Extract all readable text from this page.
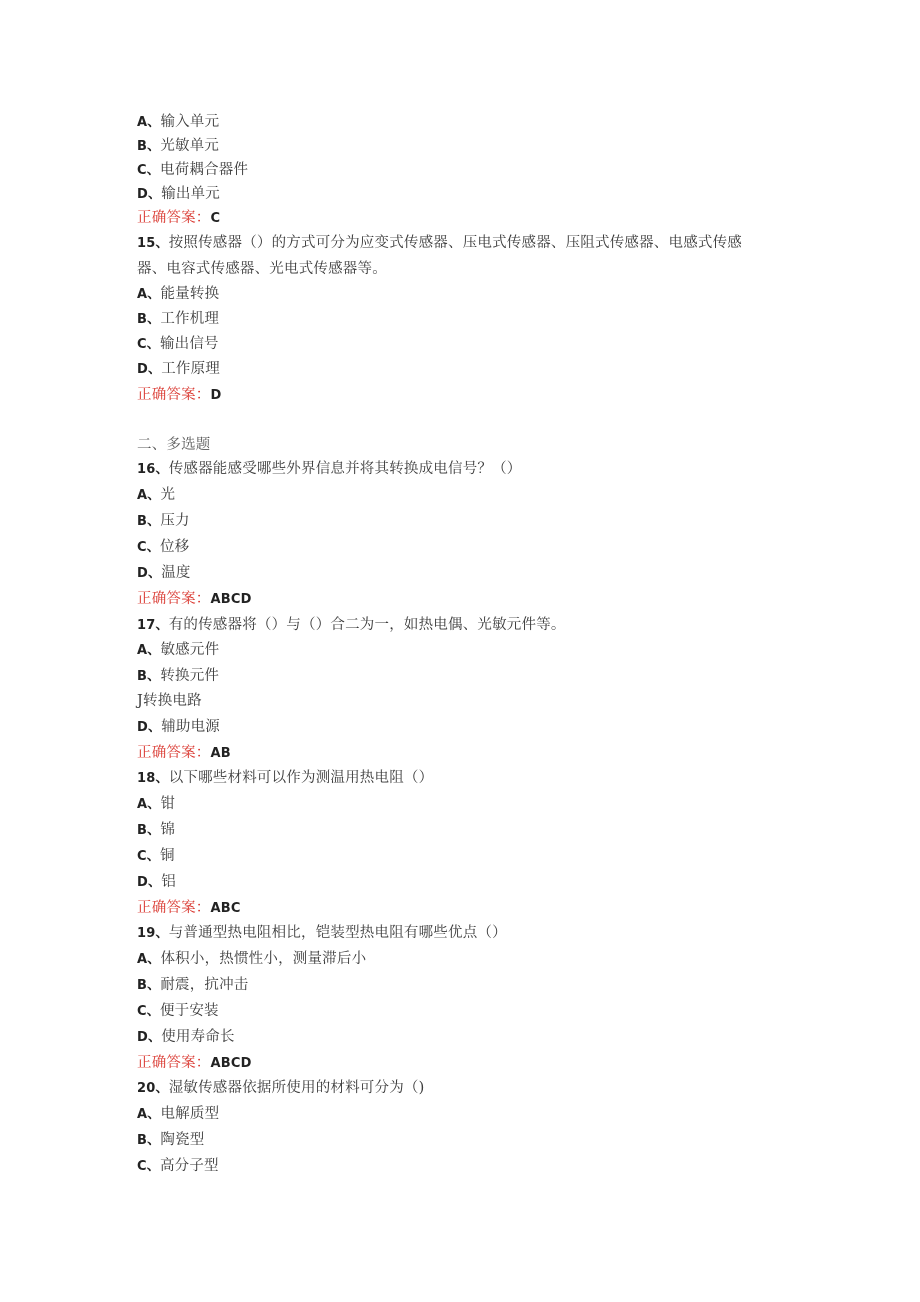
A、输入单元
B、光敏单元
C、电荷耦合器件
D、输出单元
正确答案：C
15、按照传感器（）的方式可分为应变式传感器、压电式传感器、压阻式传感器、电感式传感
器、电容式传感器、光电式传感器等。
A、能量转换
B、工作机理
C、输出信号
D、工作原理
正确答案：D
二、多选题
16、传感器能感受哪些外界信息并将其转换成电信号？（）
A、光
B、压力
C、位移
D、温度
正确答案：ABCD
17、有的传感器将（）与（）合二为一，如热电偶、光敏元件等。
A、敏感元件
B、转换元件
J转换电路
D、辅助电源
正确答案：AB
18、以下哪些材料可以作为测温用热电阻（）
A、钳
B、锦
C、铜
D、铝
正确答案：ABC
19、与普通型热电阻相比，铠装型热电阻有哪些优点（）
A、体积小，热惯性小，测量滞后小
B、耐震，抗冲击
C、便于安装
D、使用寿命长
正确答案：ABCD
20、湿敏传感器依据所使用的材料可分为（)
A、电解质型
B、陶瓷型
C、高分子型
